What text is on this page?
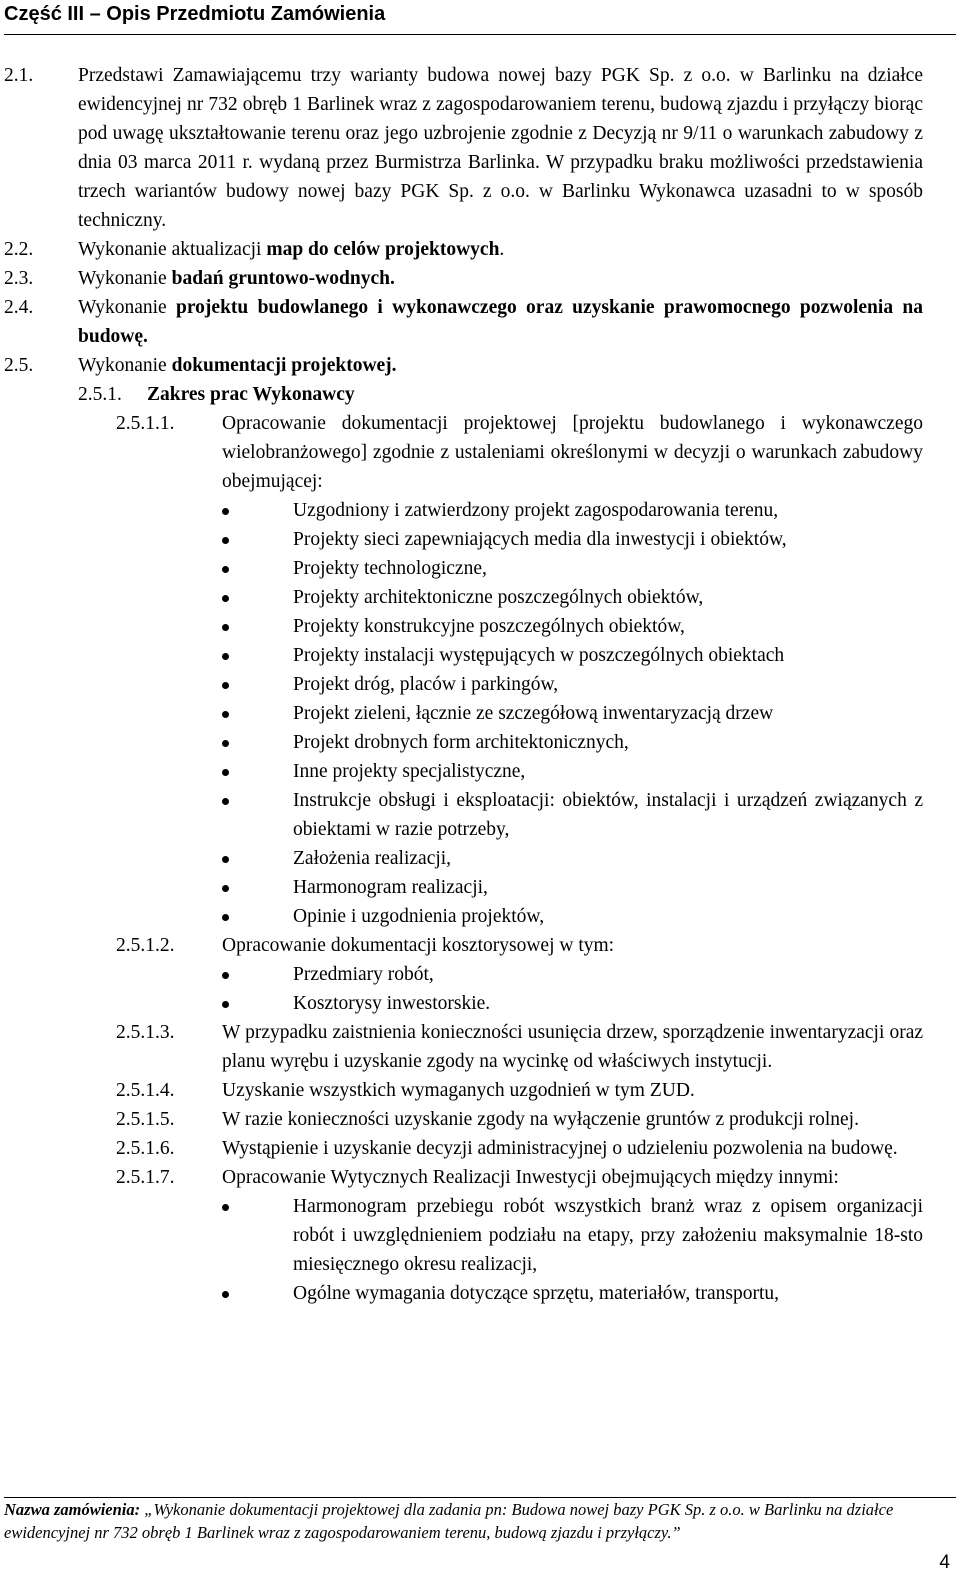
Część III – Opis Przedmiotu Zamówienia
2.1. Przedstawi Zamawiającemu trzy warianty budowa nowej bazy PGK Sp. z o.o. w Barlinku na działce ewidencyjnej nr 732 obręb 1 Barlinek wraz z zagospodarowaniem terenu, budową zjazdu i przyłączy biorąc pod uwagę ukształtowanie terenu oraz jego uzbrojenie zgodnie z Decyzją nr 9/11 o warunkach zabudowy z dnia 03 marca 2011 r. wydaną przez Burmistrza Barlinka. W przypadku braku możliwości przedstawienia trzech wariantów budowy nowej bazy PGK Sp. z o.o. w Barlinku Wykonawca uzasadni to w sposób techniczny.
2.2. Wykonanie aktualizacji map do celów projektowych.
2.3. Wykonanie badań gruntowo-wodnych.
2.4. Wykonanie projektu budowlanego i wykonawczego oraz uzyskanie prawomocnego pozwolenia na budowę.
2.5. Wykonanie dokumentacji projektowej.
2.5.1. Zakres prac Wykonawcy
2.5.1.1. Opracowanie dokumentacji projektowej [projektu budowlanego i wykonawczego wielobranżowego] zgodnie z ustaleniami określonymi w decyzji o warunkach zabudowy obejmującej:
Uzgodniony i zatwierdzony projekt zagospodarowania terenu,
Projekty sieci zapewniających media dla inwestycji i obiektów,
Projekty technologiczne,
Projekty architektoniczne poszczególnych obiektów,
Projekty konstrukcyjne poszczególnych obiektów,
Projekty instalacji występujących w poszczególnych obiektach
Projekt dróg, placów i parkingów,
Projekt zieleni, łącznie ze szczegółową inwentaryzacją drzew
Projekt drobnych form architektonicznych,
Inne projekty specjalistyczne,
Instrukcje obsługi i eksploatacji: obiektów, instalacji i urządzeń związanych z obiektami w razie potrzeby,
Założenia realizacji,
Harmonogram realizacji,
Opinie i uzgodnienia projektów,
2.5.1.2. Opracowanie dokumentacji kosztorysowej w tym:
Przedmiary robót,
Kosztorysy inwestorskie.
2.5.1.3. W przypadku zaistnienia konieczności usunięcia drzew, sporządzenie inwentaryzacji oraz planu wyrębu i uzyskanie zgody na wycinkę od właściwych instytucji.
2.5.1.4. Uzyskanie wszystkich wymaganych uzgodnień w tym ZUD.
2.5.1.5. W razie konieczności uzyskanie zgody na wyłączenie gruntów z produkcji rolnej.
2.5.1.6. Wystąpienie i uzyskanie decyzji administracyjnej o udzieleniu pozwolenia na budowę.
2.5.1.7. Opracowanie Wytycznych Realizacji Inwestycji obejmujących między innymi:
Harmonogram przebiegu robót wszystkich branż wraz z opisem organizacji robót i uwzględnieniem podziału na etapy, przy założeniu maksymalnie 18-sto miesięcznego okresu realizacji,
Ogólne wymagania dotyczące sprzętu, materiałów, transportu,
Nazwa zamówienia: „Wykonanie dokumentacji projektowej dla zadania pn: Budowa nowej bazy PGK Sp. z o.o. w Barlinku na działce ewidencyjnej nr 732 obręb 1 Barlinek wraz z zagospodarowaniem terenu, budową zjazdu i przyłączy.”
4
